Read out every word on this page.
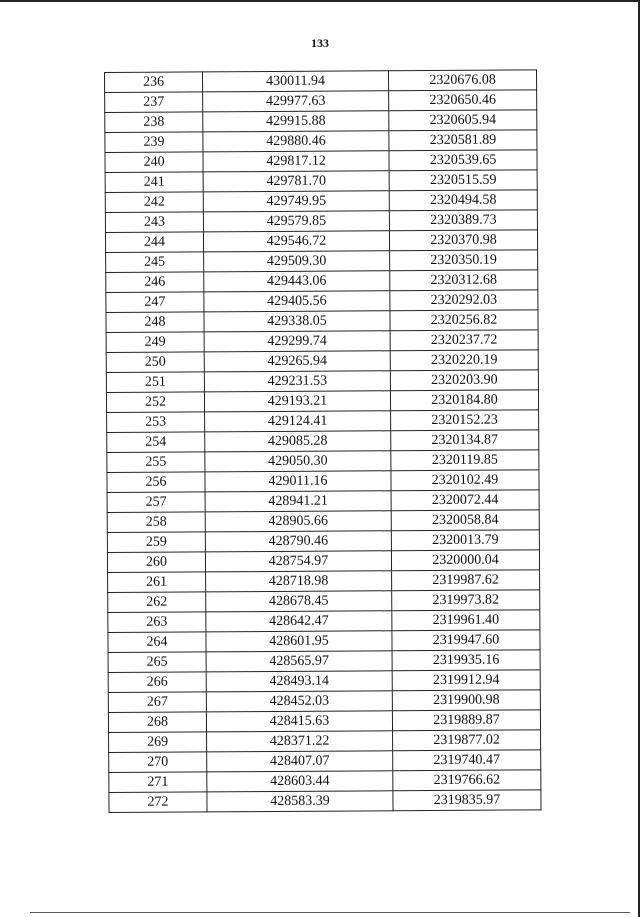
133
236	430011.94	2320676.08
237	429977.63	2320650.46
238	429915.88	2320605.94
239	429880.46	2320581.89
240	429817.12	2320539.65
241	429781.70	2320515.59
242	429749.95	2320494.58
243	429579.85	2320389.73
244	429546.72	2320370.98
245	429509.30	2320350.19
246	429443.06	2320312.68
247	429405.56	2320292.03
248	429338.05	2320256.82
249	429299.74	2320237.72
250	429265.94	2320220.19
251	429231.53	2320203.90
252	429193.21	2320184.80
253	429124.41	2320152.23
254	429085.28	2320134.87
255	429050.30	2320119.85
256	429011.16	2320102.49
257	428941.21	2320072.44
258	428905.66	2320058.84
259	428790.46	2320013.79
260	428754.97	2320000.04
261	428718.98	2319987.62
262	428678.45	2319973.82
263	428642.47	2319961.40
264	428601.95	2319947.60
265	428565.97	2319935.16
266	428493.14	2319912.94
267	428452.03	2319900.98
268	428415.63	2319889.87
269	428371.22	2319877.02
270	428407.07	2319740.47
271	428603.44	2319766.62
272	428583.39	2319835.97
